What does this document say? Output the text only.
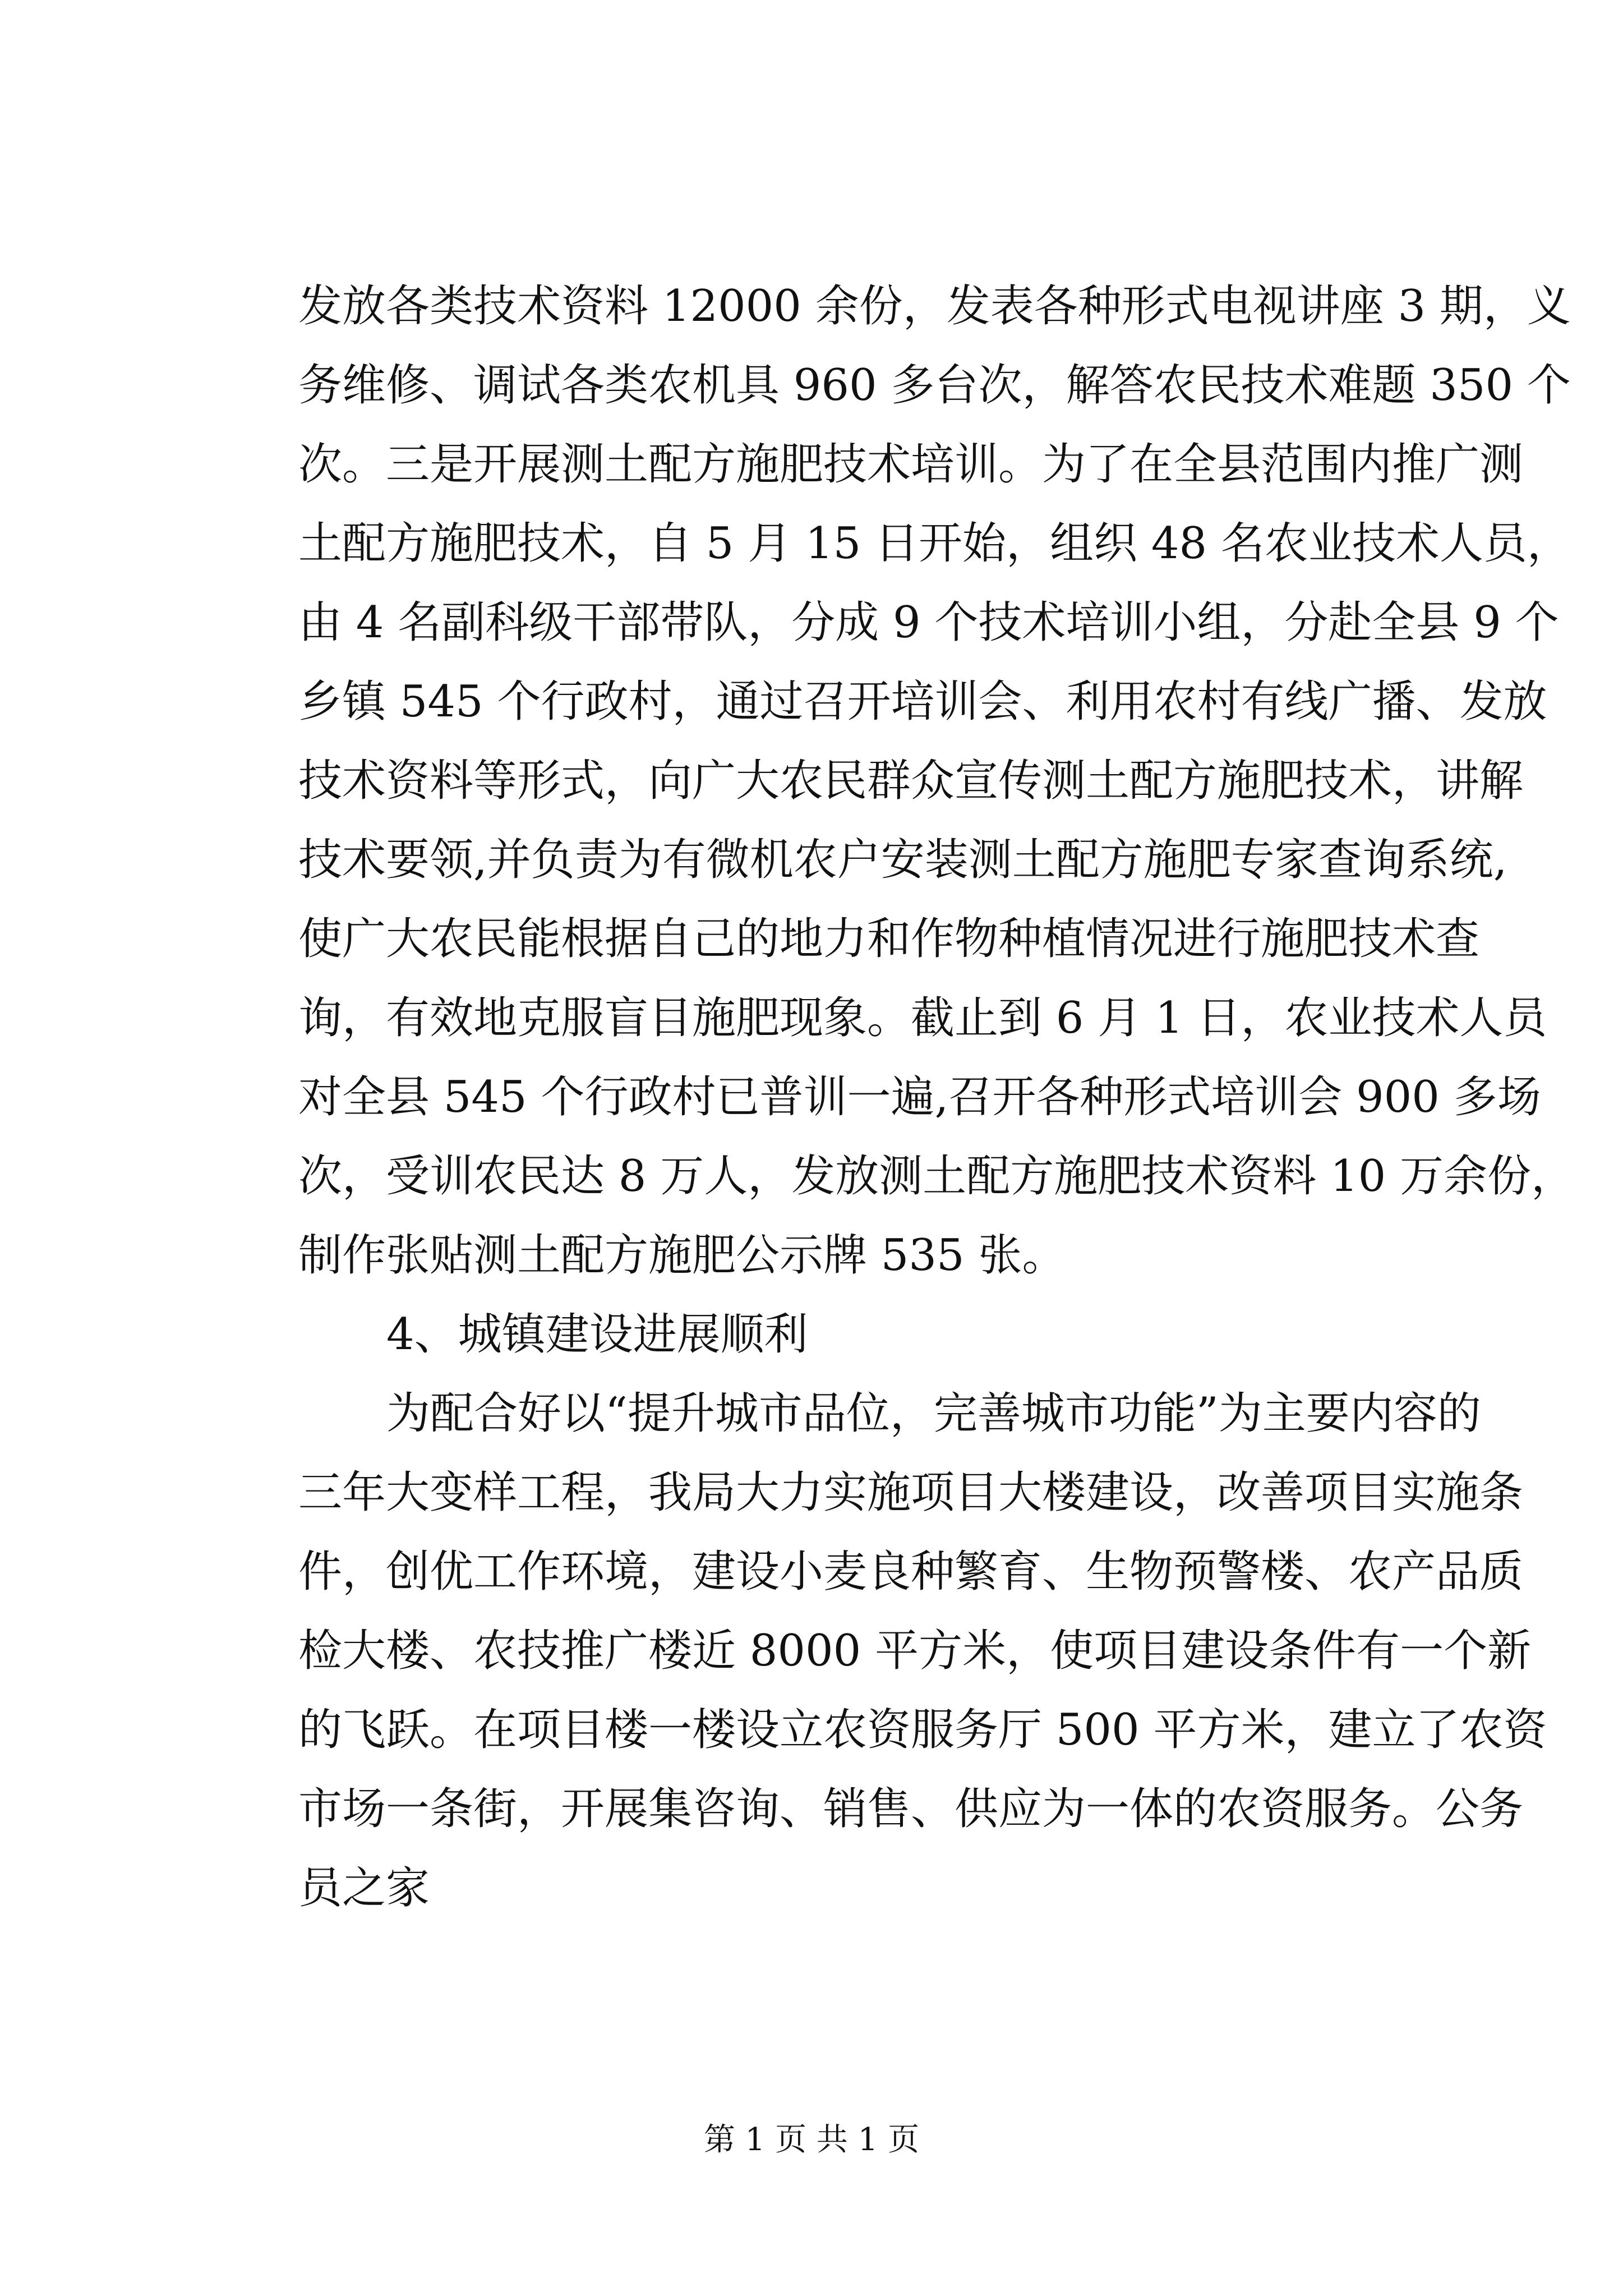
发放各类技术资料 12000 余份，发表各种形式电视讲座 3 期，义
务维修、调试各类农机具 960 多台次，解答农民技术难题 350 个
次。三是开展测土配方施肥技术培训。为了在全县范围内推广测
土配方施肥技术，自 5 月 15 日开始，组织 48 名农业技术人员，
由 4 名副科级干部带队，分成 9 个技术培训小组，分赴全县 9 个
乡镇 545 个行政村，通过召开培训会、利用农村有线广播、发放
技术资料等形式，向广大农民群众宣传测土配方施肥技术，讲解
技术要领,并负责为有微机农户安装测土配方施肥专家查询系统,
使广大农民能根据自己的地力和作物种植情况进行施肥技术查
询，有效地克服盲目施肥现象。截止到 6 月 1 日，农业技术人员
对全县 545 个行政村已普训一遍,召开各种形式培训会 900 多场
次，受训农民达 8 万人，发放测土配方施肥技术资料 10 万余份，
制作张贴测土配方施肥公示牌 535 张。
4、城镇建设进展顺利
为配合好以“提升城市品位，完善城市功能”为主要内容的
三年大变样工程，我局大力实施项目大楼建设，改善项目实施条
件，创优工作环境，建设小麦良种繁育、生物预警楼、农产品质
检大楼、农技推广楼近 8000 平方米，使项目建设条件有一个新
的飞跃。在项目楼一楼设立农资服务厅 500 平方米，建立了农资
市场一条街，开展集咨询、销售、供应为一体的农资服务。公务
员之家
第 1 页 共 1 页
